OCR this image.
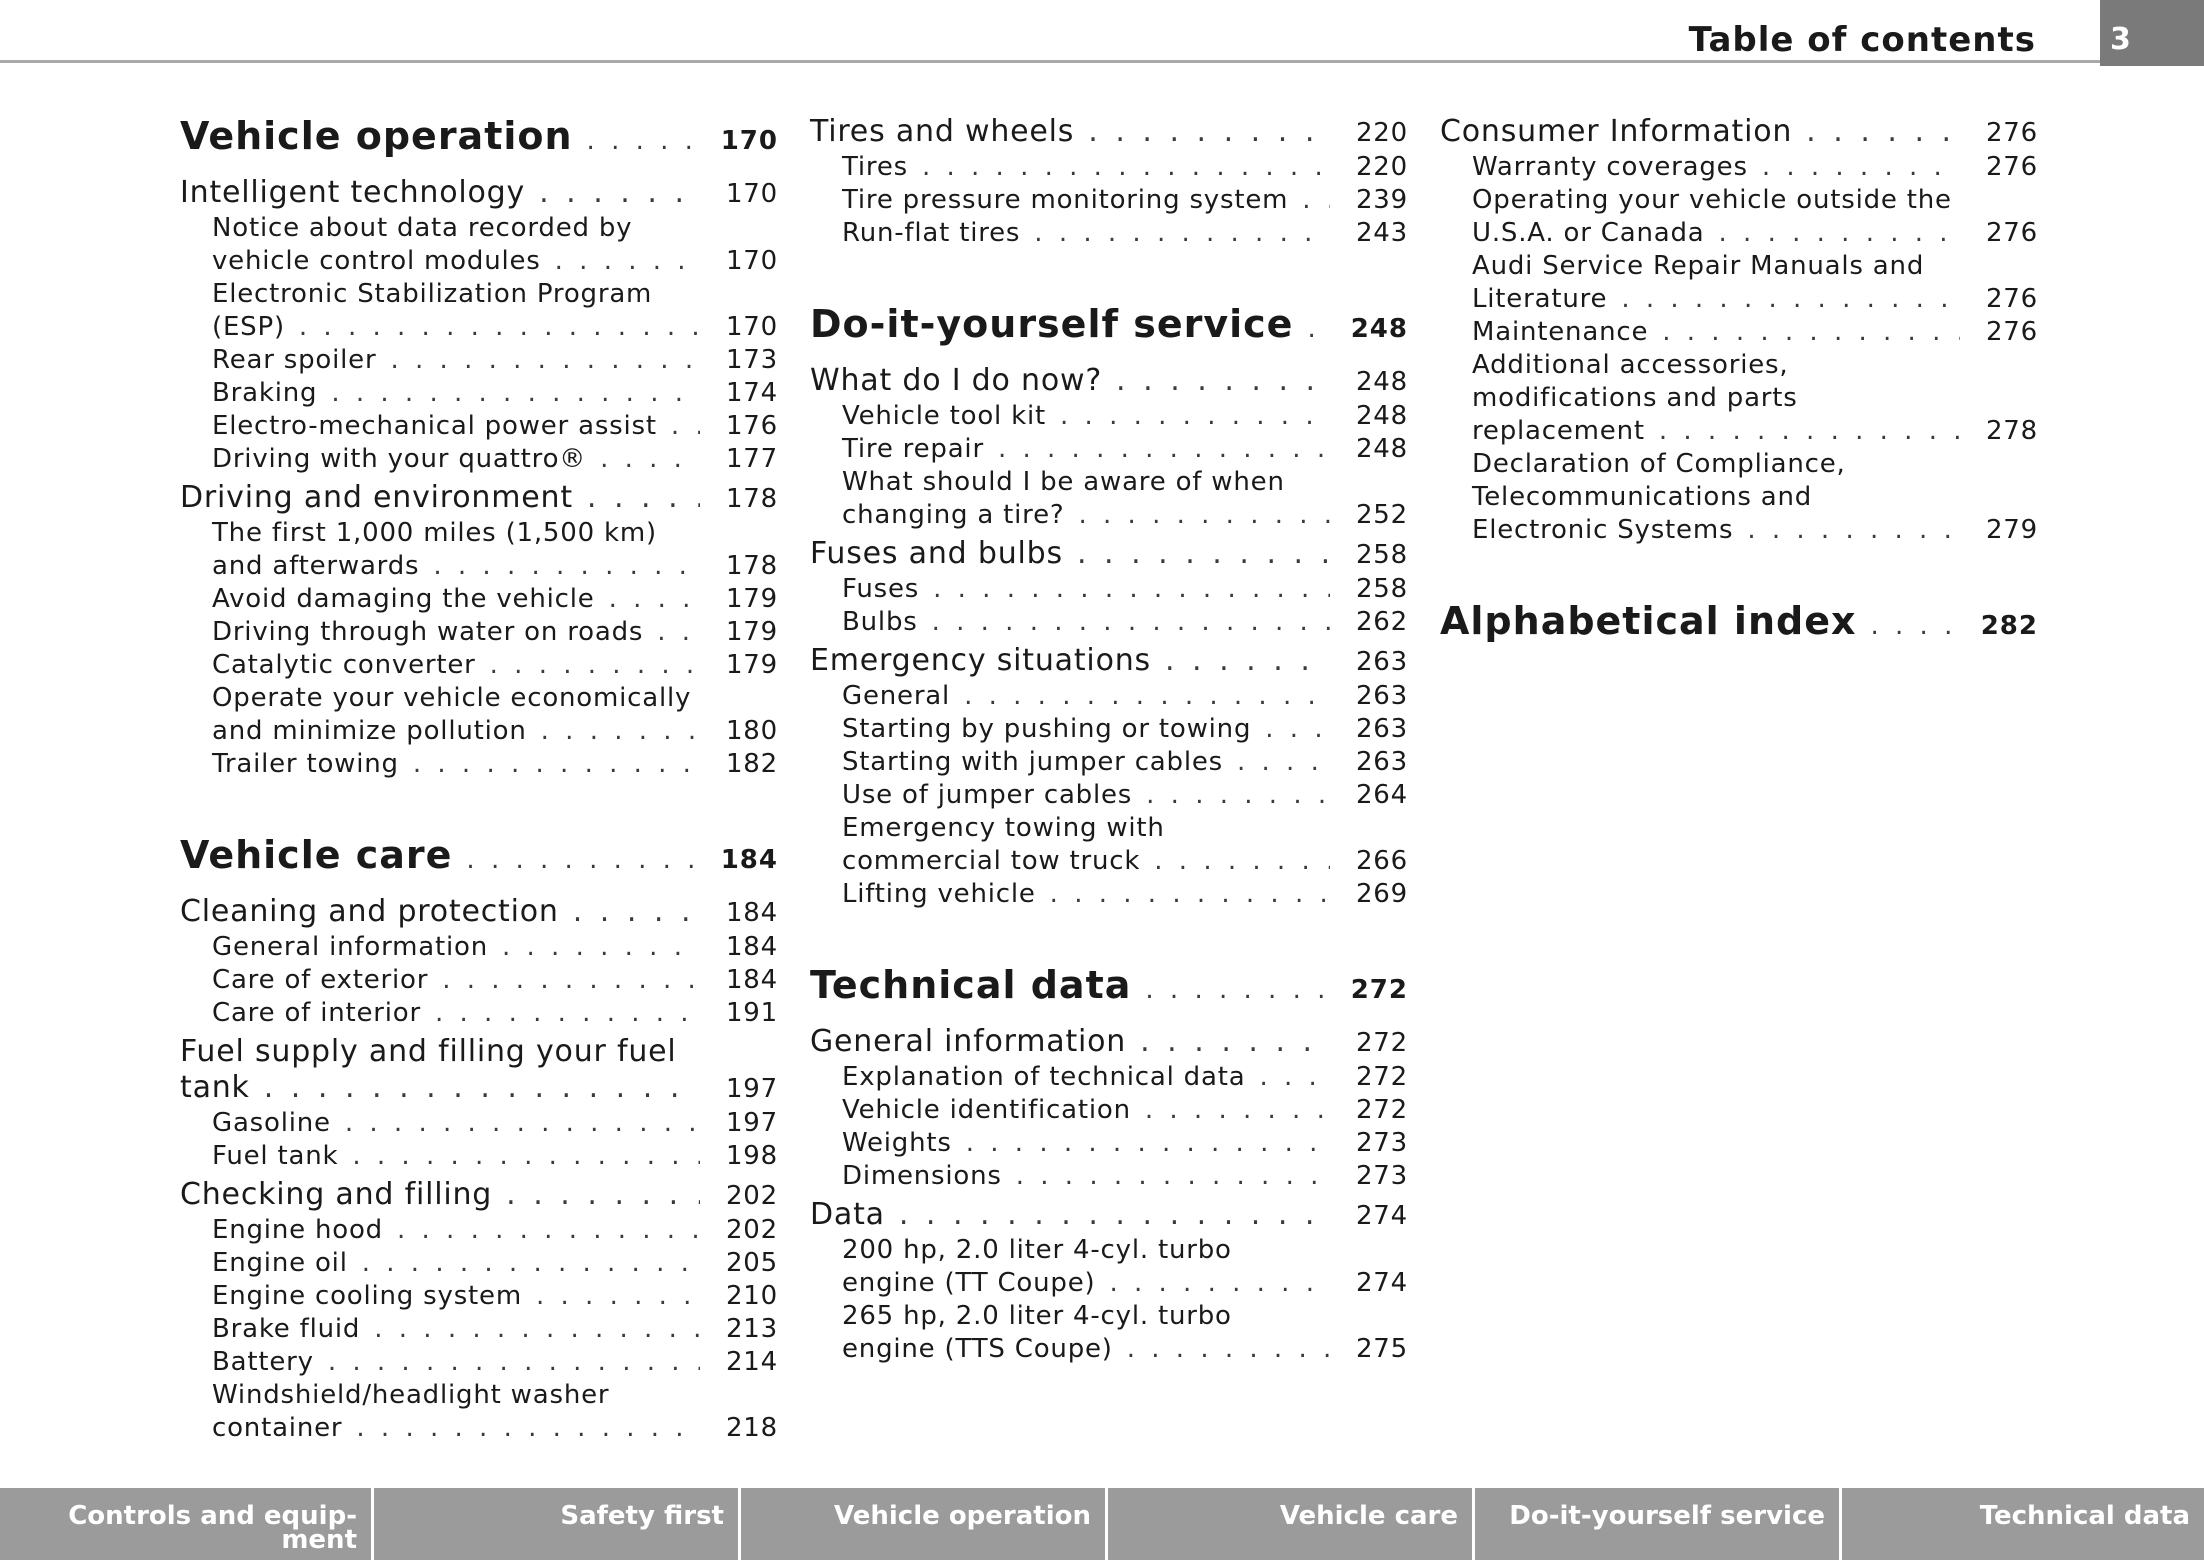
Table of contents 3
Vehicle operation . . .	170
Intelligent technology . . .	170
Notice about data recorded by
vehicle control modules . . .	170
Electronic Stabilization Program
(ESP) . . .	170
Rear spoiler . . .	173
Braking . . .	174
Electro-mechanical power assist . . .	176
Driving with your quattro® . . .	177
Driving and environment . . .	178
The first 1,000 miles (1,500 km)
and afterwards . . .	178
Avoid damaging the vehicle . . .	179
Driving through water on roads . . .	179
Catalytic converter . . .	179
Operate your vehicle economically
and minimize pollution . . .	180
Trailer towing . . .	182
Vehicle care . . .	184
Cleaning and protection . . .	184
General information . . .	184
Care of exterior . . .	184
Care of interior . . .	191
Fuel supply and filling your fuel
tank . . .	197
Gasoline . . .	197
Fuel tank . . .	198
Checking and filling . . .	202
Engine hood . . .	202
Engine oil . . .	205
Engine cooling system . . .	210
Brake fluid . . .	213
Battery . . .	214
Windshield/headlight washer
container . . .	218
Tires and wheels . . .	220
Tires . . .	220
Tire pressure monitoring system . . .	239
Run-flat tires . . .	243
Do-it-yourself service . . .	248
What do I do now? . . .	248
Vehicle tool kit . . .	248
Tire repair . . .	248
What should I be aware of when
changing a tire? . . .	252
Fuses and bulbs . . .	258
Fuses . . .	258
Bulbs . . .	262
Emergency situations . . .	263
General . . .	263
Starting by pushing or towing . . .	263
Starting with jumper cables . . .	263
Use of jumper cables . . .	264
Emergency towing with
commercial tow truck . . .	266
Lifting vehicle . . .	269
Technical data . . .	272
General information . . .	272
Explanation of technical data . . .	272
Vehicle identification . . .	272
Weights . . .	273
Dimensions . . .	273
Data . . .	274
200 hp, 2.0 liter 4-cyl. turbo
engine (TT Coupe) . . .	274
265 hp, 2.0 liter 4-cyl. turbo
engine (TTS Coupe) . . .	275
Consumer Information . . .	276
Warranty coverages . . .	276
Operating your vehicle outside the
U.S.A. or Canada . . .	276
Audi Service Repair Manuals and
Literature . . .	276
Maintenance . . .	276
Additional accessories,
modifications and parts
replacement . . .	278
Declaration of Compliance,
Telecommunications and
Electronic Systems . . .	279
Alphabetical index . . .	282
Controls and equip-
ment
Safety first	Vehicle operation	Vehicle care	Do-it-yourself service	Technical data
